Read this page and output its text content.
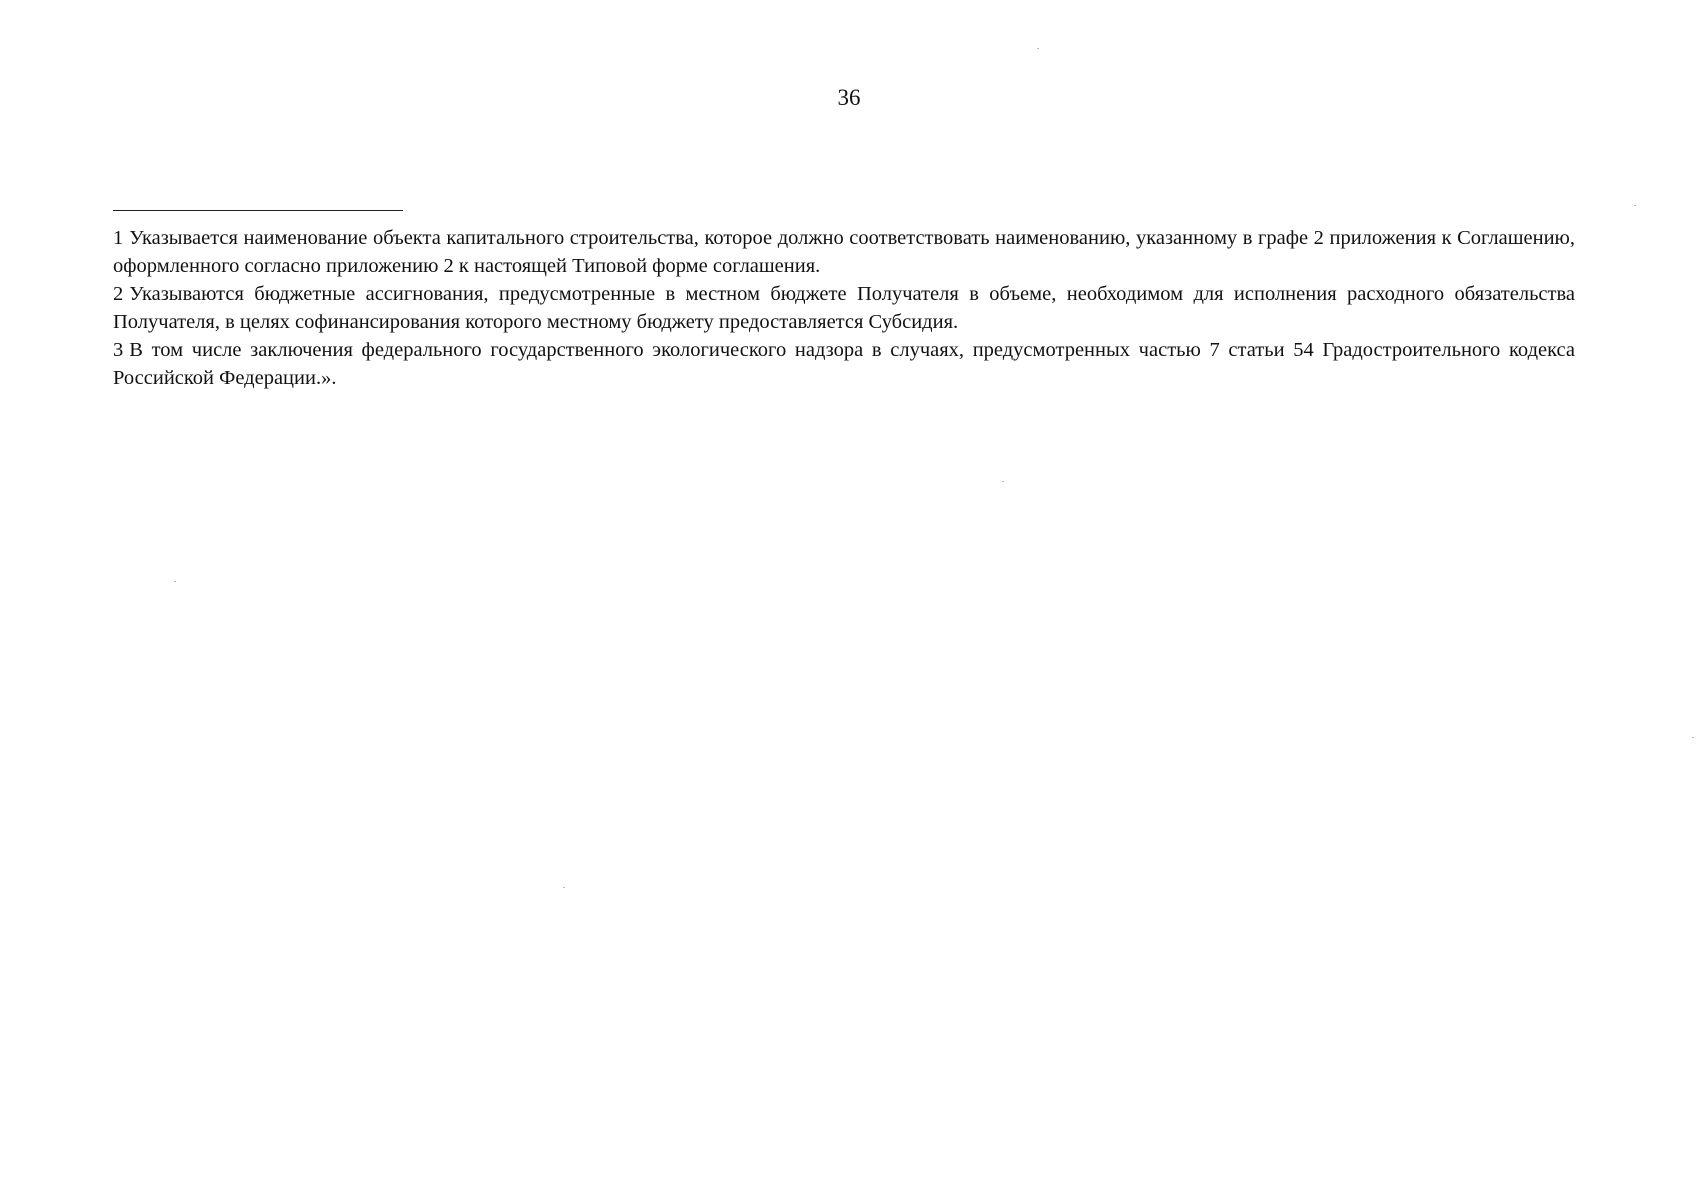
36

1 Указывается наименование объекта капитального строительства, которое должно соответствовать наименованию, указанному в графе 2 приложения к Соглашению, оформленного согласно приложению 2 к настоящей Типовой форме соглашения.

2 Указываются бюджетные ассигнования, предусмотренные в местном бюджете Получателя в объеме, необходимом для исполнения расходного обязательства Получателя, в целях софинансирования которого местному бюджету предоставляется Субсидия.

3 В том числе заключения федерального государственного экологического надзора в случаях, предусмотренных частью 7 статьи 54 Градостроительного кодекса Российской Федерации.».
